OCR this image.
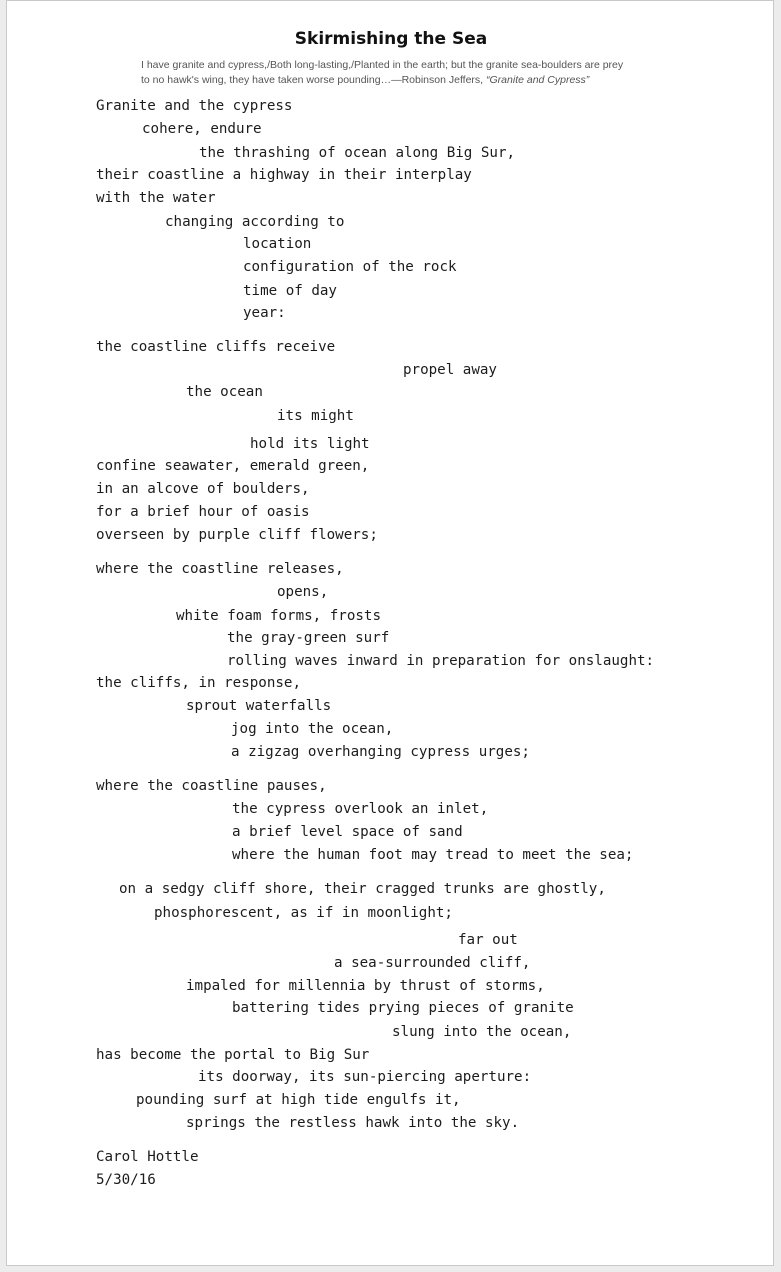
Skirmishing the Sea
I have granite and cypress,/Both long-lasting,/Planted in the earth; but the granite sea-boulders are prey
to no hawk's wing, they have taken worse pounding…—Robinson Jeffers, “Granite and Cypress”
Granite and the cypress
cohere, endure
the thrashing of ocean along Big Sur,
their coastline a highway in their interplay
with the water
changing according to
location
configuration of the rock
time of day
year:
the coastline cliffs receive
propel away
the ocean
its might
hold its light
confine seawater, emerald green,
in an alcove of boulders,
for a brief hour of oasis
overseen by purple cliff flowers;
where the coastline releases,
opens,
white foam forms, frosts
the gray-green surf
rolling waves inward in preparation for onslaught:
the cliffs, in response,
sprout waterfalls
jog into the ocean,
a zigzag overhanging cypress urges;
where the coastline pauses,
the cypress overlook an inlet,
a brief level space of sand
where the human foot may tread to meet the sea;
on a sedgy cliff shore, their cragged trunks are ghostly,
phosphorescent, as if in moonlight;
far out
a sea-surrounded cliff,
impaled for millennia by thrust of storms,
battering tides prying pieces of granite
slung into the ocean,
has become the portal to Big Sur
its doorway, its sun-piercing aperture:
pounding surf at high tide engulfs it,
springs the restless hawk into the sky.
Carol Hottle
5/30/16
